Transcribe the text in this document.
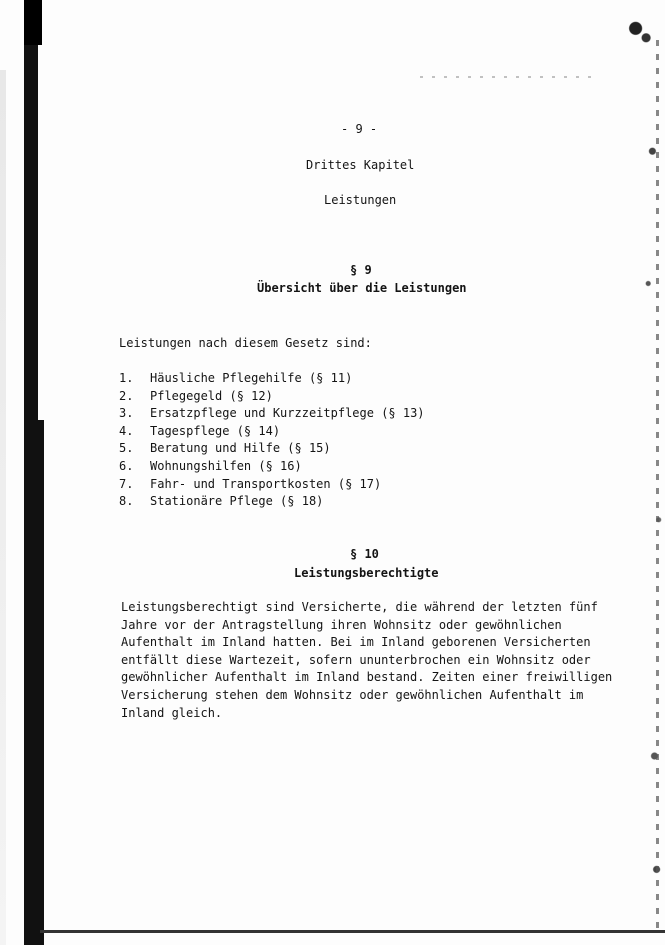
- 9 -
Drittes Kapitel
Leistungen
§ 9
Übersicht über die Leistungen
Leistungen nach diesem Gesetz sind:
1.	Häusliche Pflegehilfe (§ 11)
2.	Pflegegeld (§ 12)
3.	Ersatzpflege und Kurzzeitpflege (§ 13)
4.	Tagespflege (§ 14)
5.	Beratung und Hilfe (§ 15)
6.	Wohnungshilfen (§ 16)
7.	Fahr- und Transportkosten (§ 17)
8.	Stationäre Pflege (§ 18)
§ 10
Leistungsberechtigte

Leistungsberechtigt sind Versicherte, die während der letzten fünf
Jahre vor der Antragstellung ihren Wohnsitz oder gewöhnlichen
Aufenthalt im Inland hatten. Bei im Inland geborenen Versicherten
entfällt diese Wartezeit, sofern ununterbrochen ein Wohnsitz oder
gewöhnlicher Aufenthalt im Inland bestand. Zeiten einer freiwilligen
Versicherung stehen dem Wohnsitz oder gewöhnlichen Aufenthalt im
Inland gleich.
